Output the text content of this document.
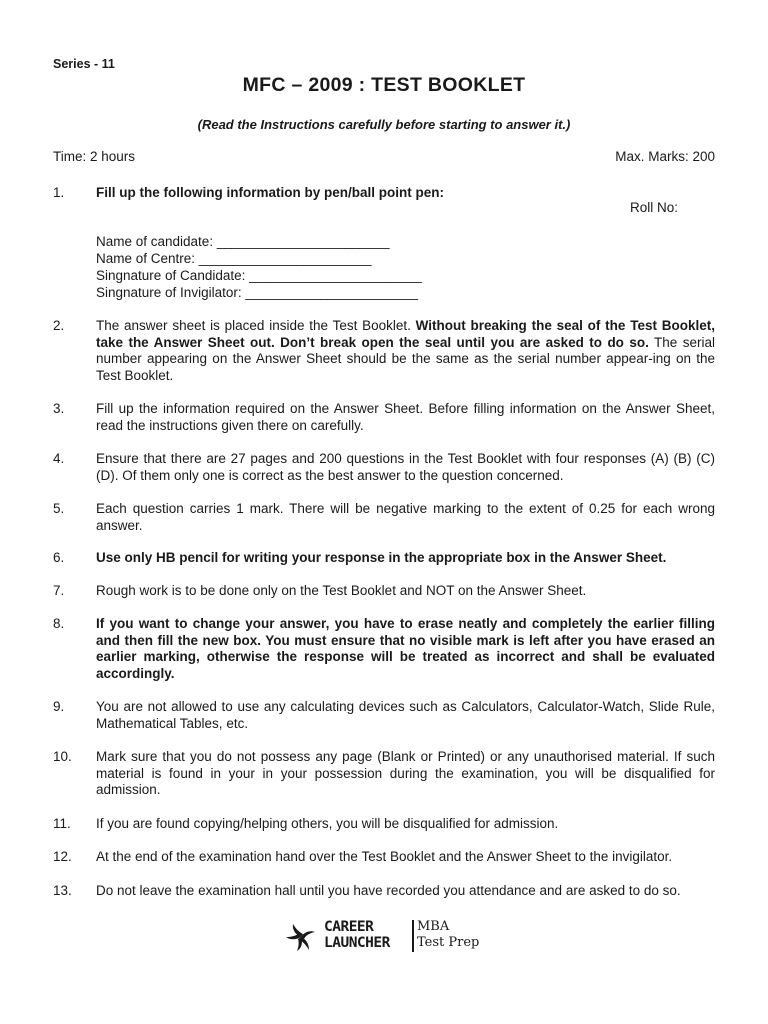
Series - 11
MFC – 2009 : TEST BOOKLET
(Read the Instructions carefully before starting to answer it.)
Time: 2 hours	Max. Marks: 200
1. Fill up the following information by pen/ball point pen:
Roll No:
Name of candidate: _______________________
Name of Centre: _______________________
Singnature of Candidate: _______________________
Singnature of Invigilator: _______________________
2. The answer sheet is placed inside the Test Booklet. Without breaking the seal of the Test Booklet, take the Answer Sheet out. Don’t break open the seal until you are asked to do so. The serial number appearing on the Answer Sheet should be the same as the serial number appear-ing on the Test Booklet.
3. Fill up the information required on the Answer Sheet. Before filling information on the Answer Sheet, read the instructions given there on carefully.
4. Ensure that there are 27 pages and 200 questions in the Test Booklet with four responses (A) (B) (C) (D). Of them only one is correct as the best answer to the question concerned.
5. Each question carries 1 mark. There will be negative marking to the extent of 0.25 for each wrong answer.
6. Use only HB pencil for writing your response in the appropriate box in the Answer Sheet.
7. Rough work is to be done only on the Test Booklet and NOT on the Answer Sheet.
8. If you want to change your answer, you have to erase neatly and completely the earlier filling and then fill the new box. You must ensure that no visible mark is left after you have erased an earlier marking, otherwise the response will be treated as incorrect and shall be evaluated accordingly.
9. You are not allowed to use any calculating devices such as Calculators, Calculator-Watch, Slide Rule, Mathematical Tables, etc.
10. Mark sure that you do not possess any page (Blank or Printed) or any unauthorised material. If such material is found in your in your possession during the examination, you will be disqualified for admission.
11. If you are found copying/helping others, you will be disqualified for admission.
12. At the end of the examination hand over the Test Booklet and the Answer Sheet to the invigilator.
13. Do not leave the examination hall until you have recorded you attendance and are asked to do so.
CAREER
LAUNCHER
MBA
Test Prep
